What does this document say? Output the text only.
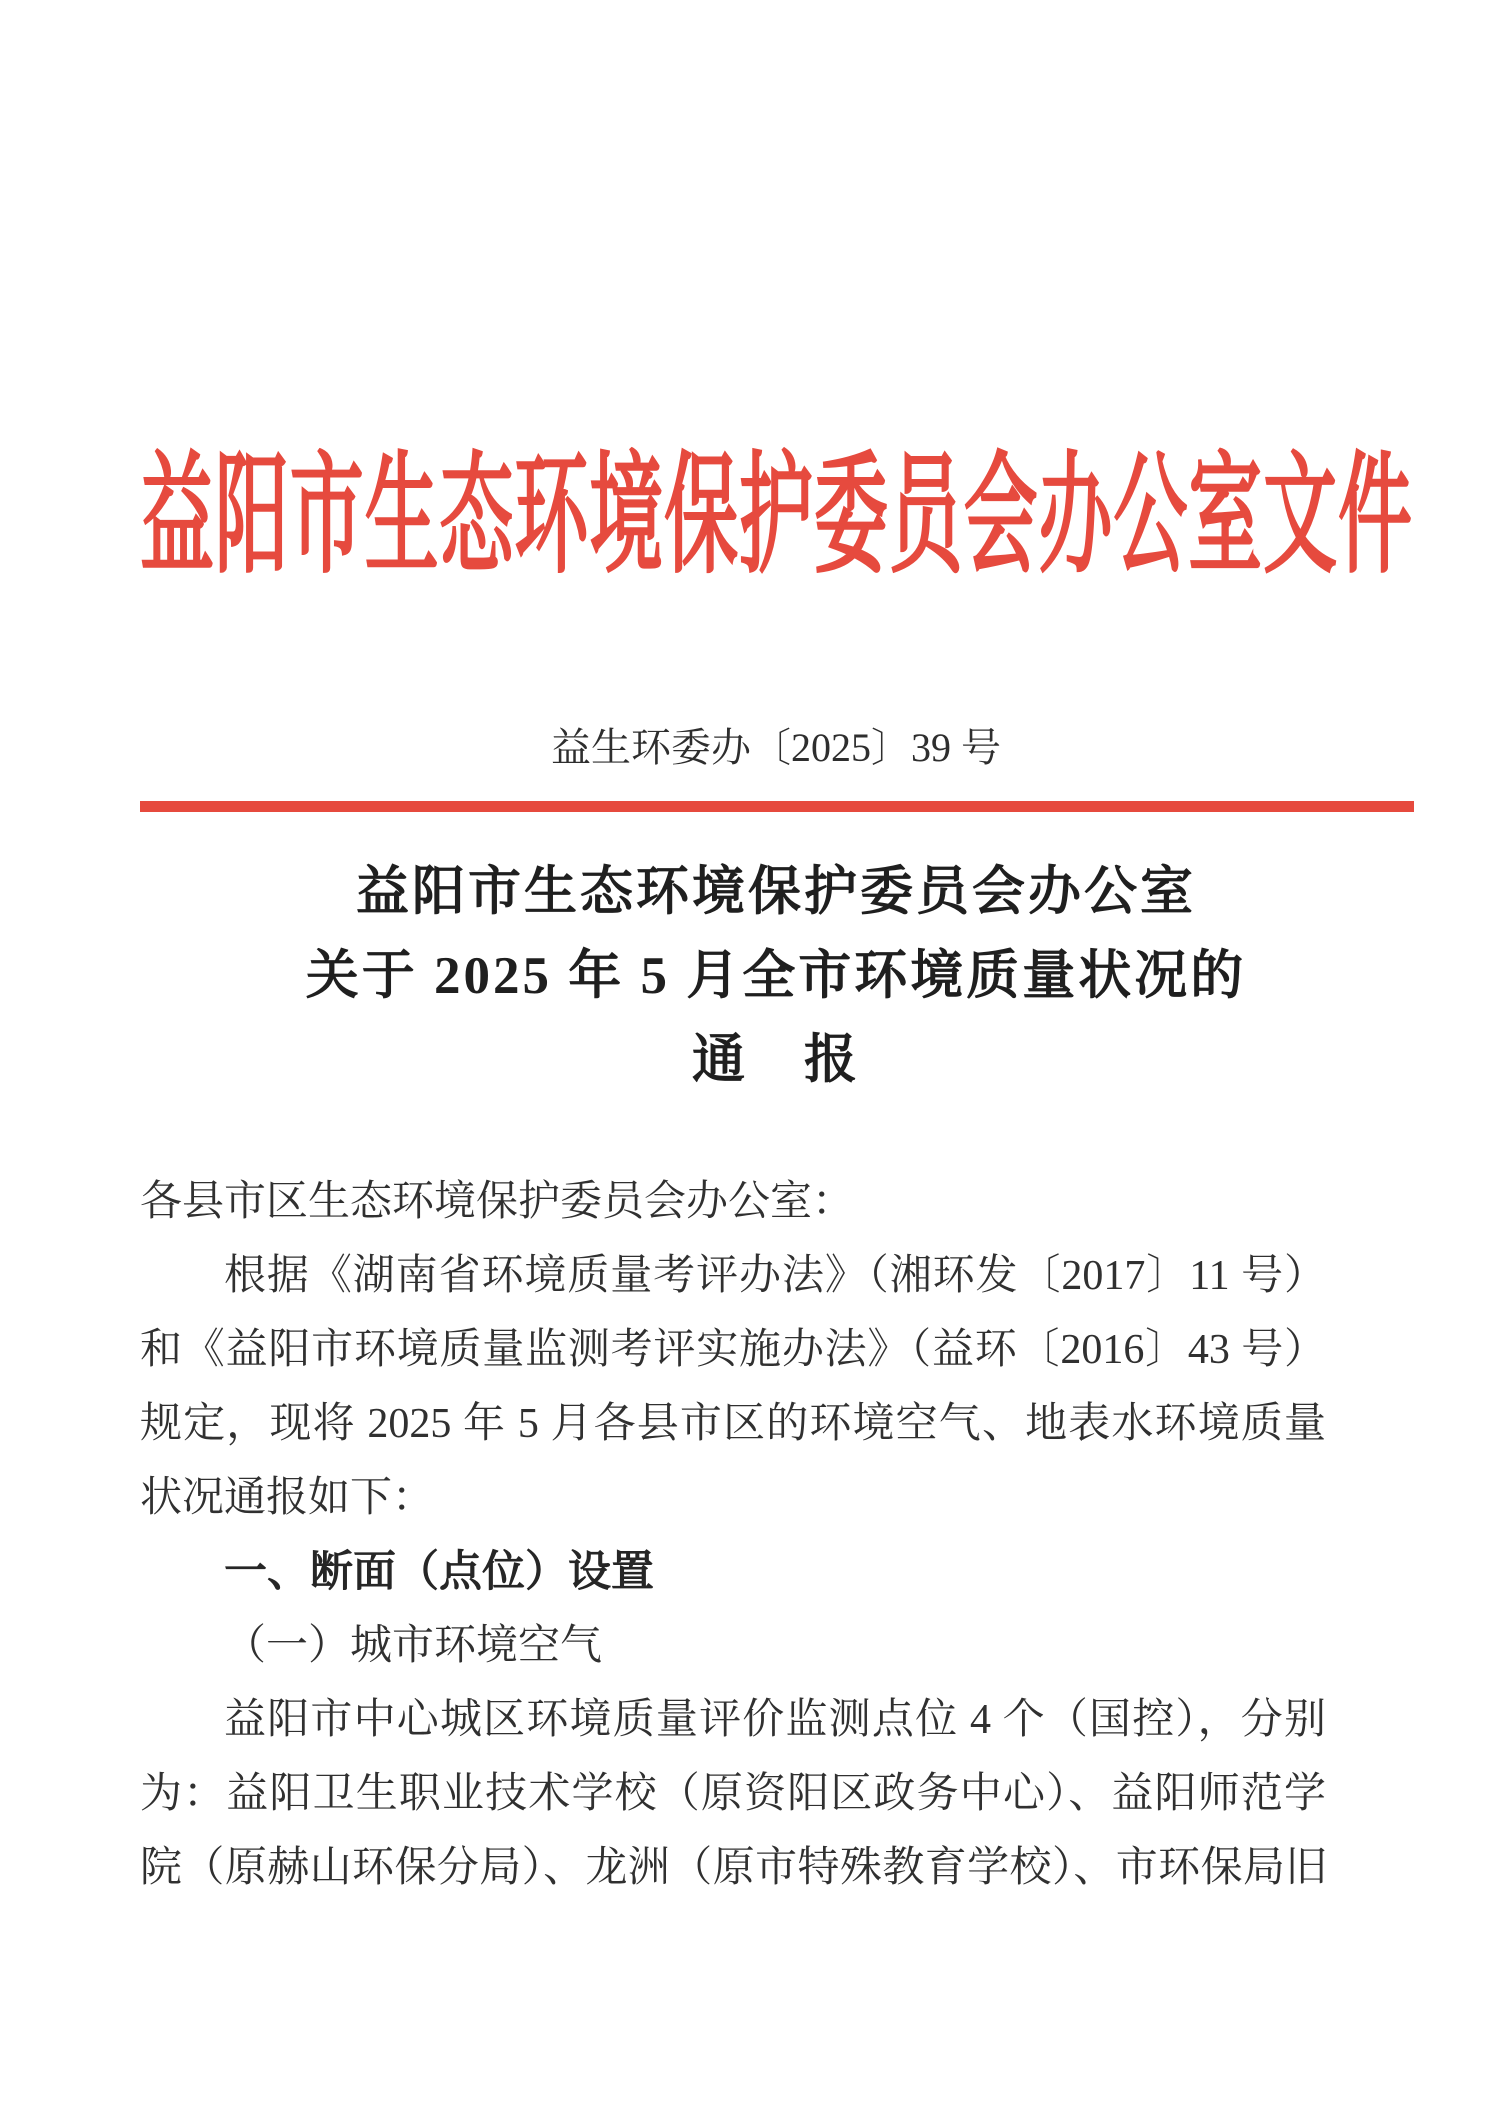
益阳市生态环境保护委员会办公室文件
益生环委办〔2025〕39 号
益阳市生态环境保护委员会办公室
关于 2025 年 5 月全市环境质量状况的
通　报
各县市区生态环境保护委员会办公室：
根据《湖南省环境质量考评办法》（湘环发〔2017〕11 号）
和《益阳市环境质量监测考评实施办法》（益环〔2016〕43 号）
规定，现将 2025 年 5 月各县市区的环境空气、地表水环境质量
状况通报如下：
一、断面（点位）设置
（一）城市环境空气
益阳市中心城区环境质量评价监测点位 4 个（国控），分别
为：益阳卫生职业技术学校（原资阳区政务中心）、益阳师范学
院（原赫山环保分局）、龙洲（原市特殊教育学校）、市环保局旧
